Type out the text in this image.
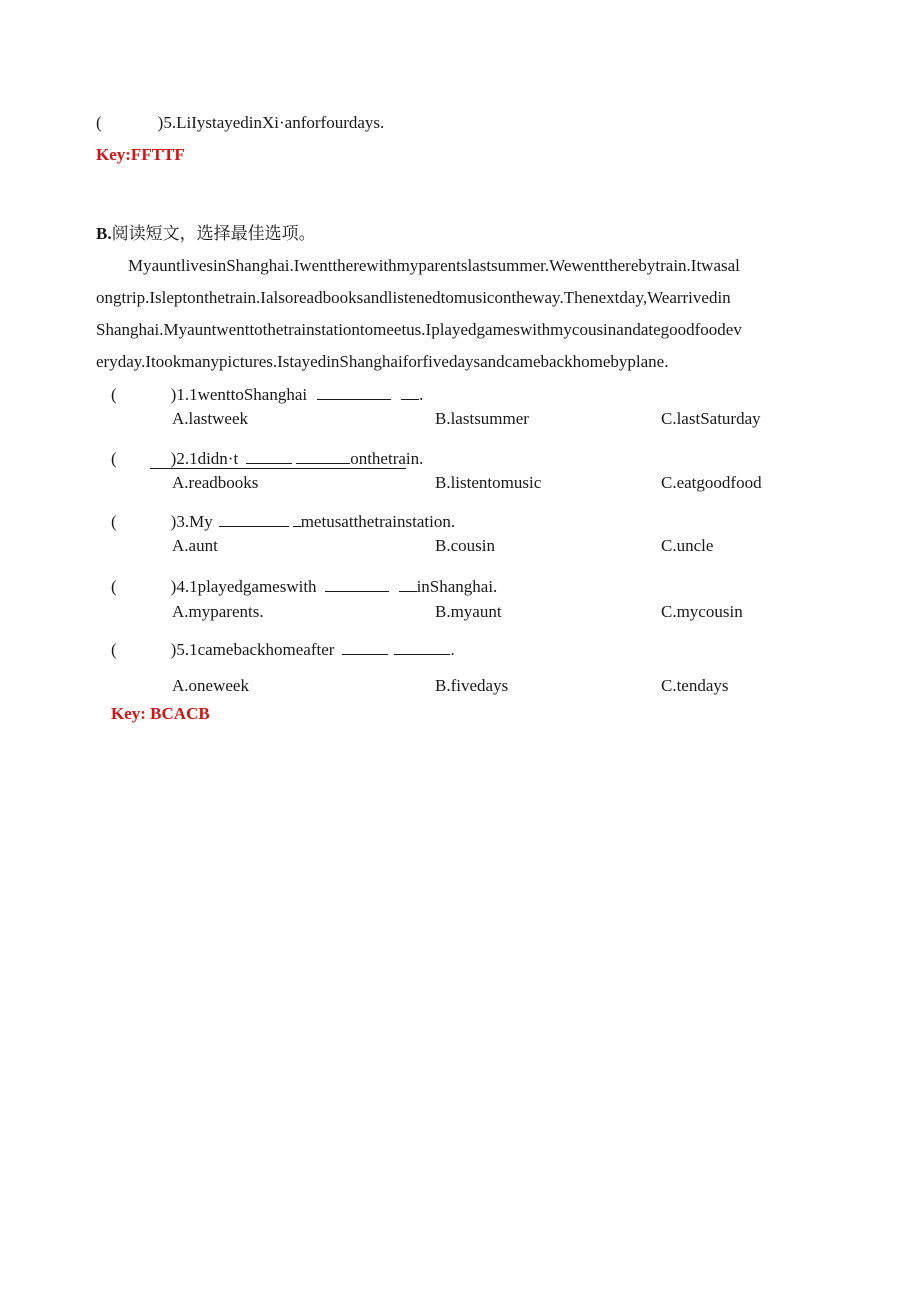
(	)5.LiIystayedinXi·anforfourdays.
Key:FFTTF
B.阅读短文，选择最佳选项。
MyauntlivesinShanghai.Iwenttherewithmyparentslastsummer.Wewenttherebytrain.Itwasal
ongtrip.Isleptonthetrain.Ialsoreadbooksandlistenedtomusicontheway.Thenextday,Wearrivedin
Shanghai.Myauntwenttothetrainstationtomeetus.Iplayedgameswithmycousinandategoodfoodev
eryday.Itookmanypictures.IstayedinShanghaiforfivedaysandcamebackhomebyplane.
(	)1.1wenttoShanghai	.
A.lastweek	B.lastsummer	C.lastSaturday
(	)2.1didn·t	onthetrain.
A.readbooks	B.listentomusic	C.eatgoodfood
(	)3.My	metusatthetrainstation.
A.aunt	B.cousin	C.uncle
(	)4.1playedgameswith	inShanghai.
A.myparents.	B.myaunt	C.mycousin
(	)5.1camebackhomeafter	.
A.oneweek	B.fivedays	C.tendays
Key: BCACB
